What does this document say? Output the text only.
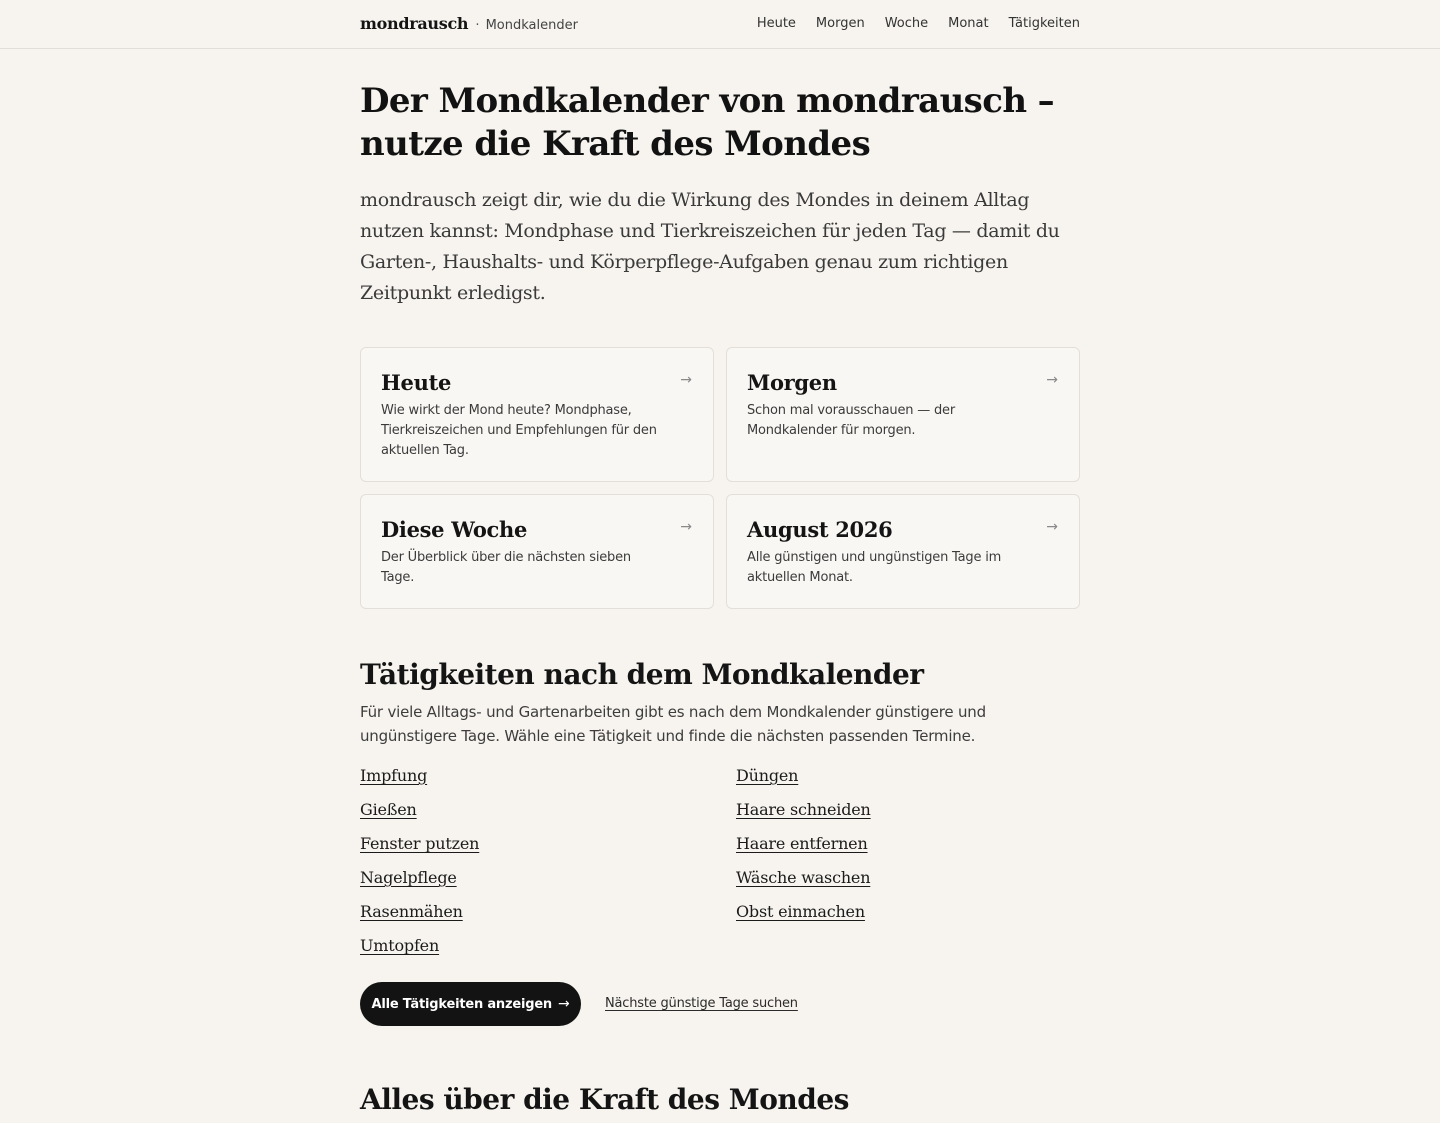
mondrausch · Mondkalender	Heute Morgen Woche Monat Tätigkeiten
Der Mondkalender von mondrausch – nutze die Kraft des Mondes

mondrausch zeigt dir, wie du die Wirkung des Mondes in deinem Alltag nutzen kannst: Mondphase und Tierkreiszeichen für jeden Tag — damit du Garten-, Haushalts- und Körperpflege-Aufgaben genau zum richtigen Zeitpunkt erledigst.

Heute

Wie wirkt der Mond heute? Mondphase, Tierkreiszeichen und Empfehlungen für den aktuellen Tag.

→	Morgen

Schon mal vorausschauen — der Mondkalender für morgen.

→
Diese Woche

Der Überblick über die nächsten sieben Tage.

→	August 2026

Alle günstigen und ungünstigen Tage im aktuellen Monat.

→
Tätigkeiten nach dem Mondkalender

Für viele Alltags- und Gartenarbeiten gibt es nach dem Mondkalender günstigere und ungünstigere Tage. Wähle eine Tätigkeit und finde die nächsten passenden Termine.

Impfung
Gießen
Fenster putzen
Nagelpflege
Rasenmähen
Umtopfen
Düngen
Haare schneiden
Haare entfernen
Wäsche waschen
Obst einmachen
Alle Tätigkeiten anzeigen →	Nächste günstige Tage suchen
Alles über die Kraft des Mondes
